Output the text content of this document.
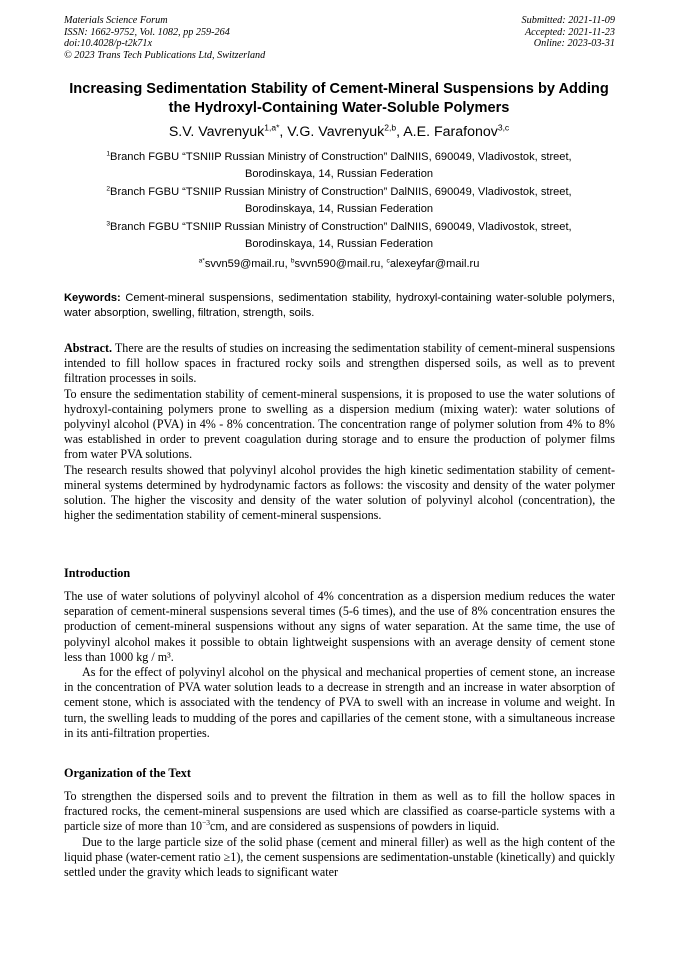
Materials Science Forum
ISSN: 1662-9752, Vol. 1082, pp 259-264
doi:10.4028/p-t2k71x
© 2023 Trans Tech Publications Ltd, Switzerland
Submitted: 2021-11-09
Accepted: 2021-11-23
Online: 2023-03-31
Increasing Sedimentation Stability of Cement-Mineral Suspensions by Adding the Hydroxyl-Containing Water-Soluble Polymers
S.V. Vavrenyuk$^{1,a*}$, V.G. Vavrenyuk$^{2,b}$, A.E. Farafonov$^{3,c}$
$^1$Branch FGBU “TSNIIP Russian Ministry of Construction” DalNIIS, 690049, Vladivostok, street, Borodinskaya, 14, Russian Federation
$^2$Branch FGBU “TSNIIP Russian Ministry of Construction” DalNIIS, 690049, Vladivostok, street, Borodinskaya, 14, Russian Federation
$^3$Branch FGBU “TSNIIP Russian Ministry of Construction” DalNIIS, 690049, Vladivostok, street, Borodinskaya, 14, Russian Federation
$^{a*}$svvn59@mail.ru, $^b$svvn590@mail.ru, $^c$alexeyfar@mail.ru
Keywords: Cement-mineral suspensions, sedimentation stability, hydroxyl-containing water-soluble polymers, water absorption, swelling, filtration, strength, soils.

Abstract. There are the results of studies on increasing the sedimentation stability of cement-mineral suspensions intended to fill hollow spaces in fractured rocky soils and strengthen dispersed soils, as well as to prevent filtration processes in soils.

To ensure the sedimentation stability of cement-mineral suspensions, it is proposed to use the water solutions of hydroxyl-containing polymers prone to swelling as a dispersion medium (mixing water): water solutions of polyvinyl alcohol (PVA) in 4% - 8% concentration. The concentration range of polymer solution from 4% to 8% was established in order to prevent coagulation during storage and to ensure the production of polymer films from water PVA solutions.

The research results showed that polyvinyl alcohol provides the high kinetic sedimentation stability of cement-mineral systems determined by hydrodynamic factors as follows: the viscosity and density of the water polymer solution. The higher the viscosity and density of the water solution of polyvinyl alcohol (concentration), the higher the sedimentation stability of cement-mineral suspensions.

Introduction

The use of water solutions of polyvinyl alcohol of 4% concentration as a dispersion medium reduces the water separation of cement-mineral suspensions several times (5-6 times), and the use of 8% concentration ensures the production of cement-mineral suspensions without any signs of water separation. At the same time, the use of polyvinyl alcohol makes it possible to obtain lightweight suspensions with an average density of cement stone less than 1000 kg / m³.

As for the effect of polyvinyl alcohol on the physical and mechanical properties of cement stone, an increase in the concentration of PVA water solution leads to a decrease in strength and an increase in water absorption of cement stone, which is associated with the tendency of PVA to swell with an increase in volume and weight. In turn, the swelling leads to mudding of the pores and capillaries of the cement stone, with a simultaneous increase in its anti-filtration properties.

Organization of the Text

To strengthen the dispersed soils and to prevent the filtration in them as well as to fill the hollow spaces in fractured rocks, the cement-mineral suspensions are used which are classified as coarse-particle systems with a particle size of more than $10^{-3}cm$, and are considered as suspensions of powders in liquid.

Due to the large particle size of the solid phase (cement and mineral filler) as well as the high content of the liquid phase (water-cement ratio ≥1), the cement suspensions are sedimentation-unstable (kinetically) and quickly settled under the gravity which leads to significant water
